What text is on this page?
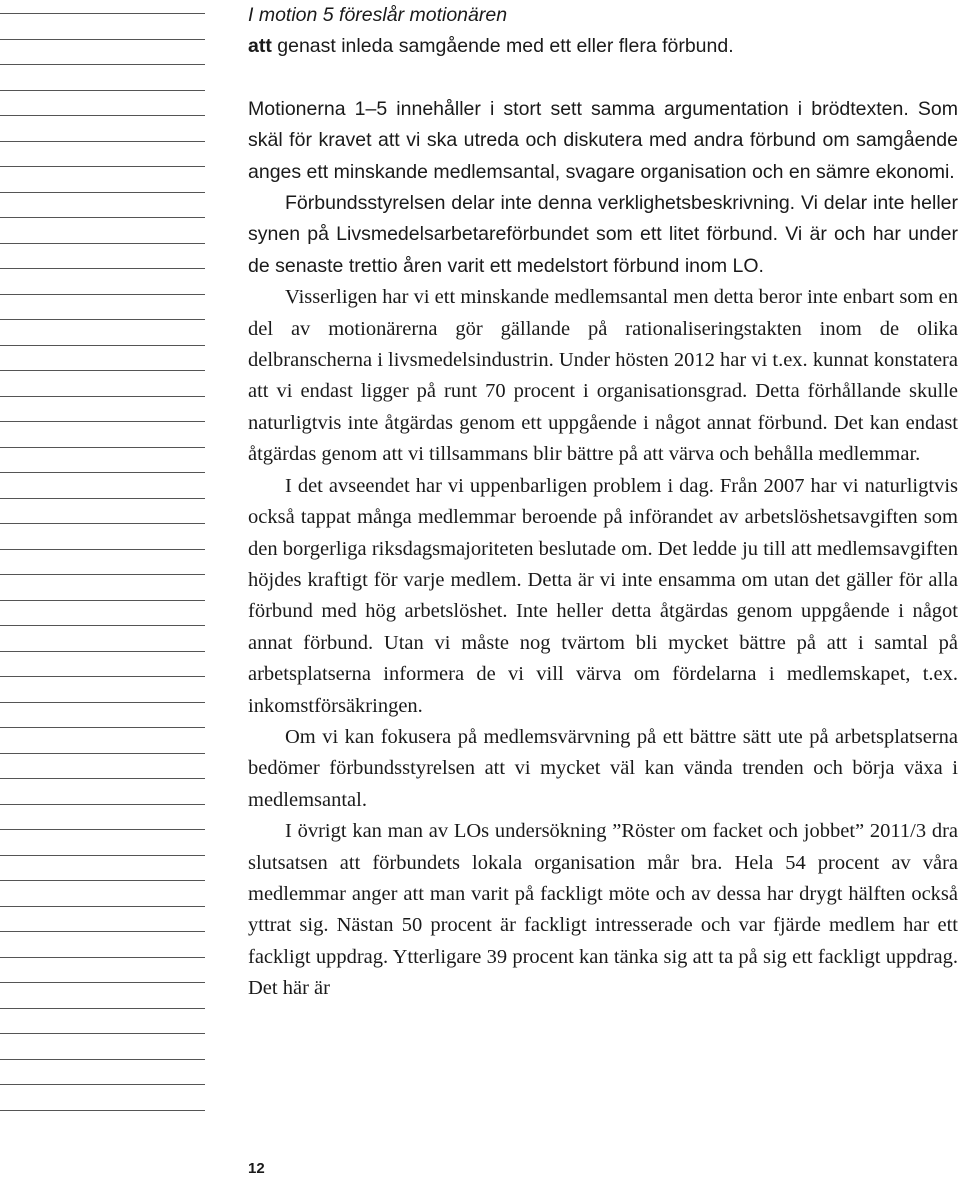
I motion 5 föreslår motionären

att genast inleda samgående med ett eller flera förbund.

Motionerna 1–5 innehåller i stort sett samma argumentation i brödtexten. Som skäl för kravet att vi ska utreda och diskutera med andra förbund om samgående anges ett minskande medlemsantal, svagare organisation och en sämre ekonomi.

Förbundsstyrelsen delar inte denna verklighetsbeskrivning. Vi delar inte heller synen på Livsmedelsarbetareförbundet som ett litet förbund. Vi är och har under de senaste trettio åren varit ett medelstort förbund inom LO.

Visserligen har vi ett minskande medlemsantal men detta beror inte enbart som en del av motionärerna gör gällande på rationaliseringstakten inom de olika delbranscherna i livsmedelsindustrin. Under hösten 2012 har vi t.ex. kunnat konstatera att vi endast ligger på runt 70 procent i organisationsgrad. Detta förhållande skulle naturligtvis inte åtgärdas genom ett uppgående i något annat förbund. Det kan endast åtgärdas genom att vi tillsammans blir bättre på att värva och behålla medlemmar.

I det avseendet har vi uppenbarligen problem i dag. Från 2007 har vi naturligtvis också tappat många medlemmar beroende på införandet av arbetslöshetsavgiften som den borgerliga riksdagsmajoriteten beslutade om. Det ledde ju till att medlemsavgiften höjdes kraftigt för varje medlem. Detta är vi inte ensamma om utan det gäller för alla förbund med hög arbetslöshet. Inte heller detta åtgärdas genom uppgående i något annat förbund. Utan vi måste nog tvärtom bli mycket bättre på att i samtal på arbetsplatserna informera de vi vill värva om fördelarna i medlemskapet, t.ex. inkomstförsäkringen.

Om vi kan fokusera på medlemsvärvning på ett bättre sätt ute på arbetsplatserna bedömer förbundsstyrelsen att vi mycket väl kan vända trenden och börja växa i medlemsantal.

I övrigt kan man av LOs undersökning ”Röster om facket och jobbet” 2011/3 dra slutsatsen att förbundets lokala organisation mår bra. Hela 54 procent av våra medlemmar anger att man varit på fackligt möte och av dessa har drygt hälften också yttrat sig. Nästan 50 procent är fackligt intresserade och var fjärde medlem har ett fackligt uppdrag. Ytterligare 39 procent kan tänka sig att ta på sig ett fackligt uppdrag. Det här är

12
